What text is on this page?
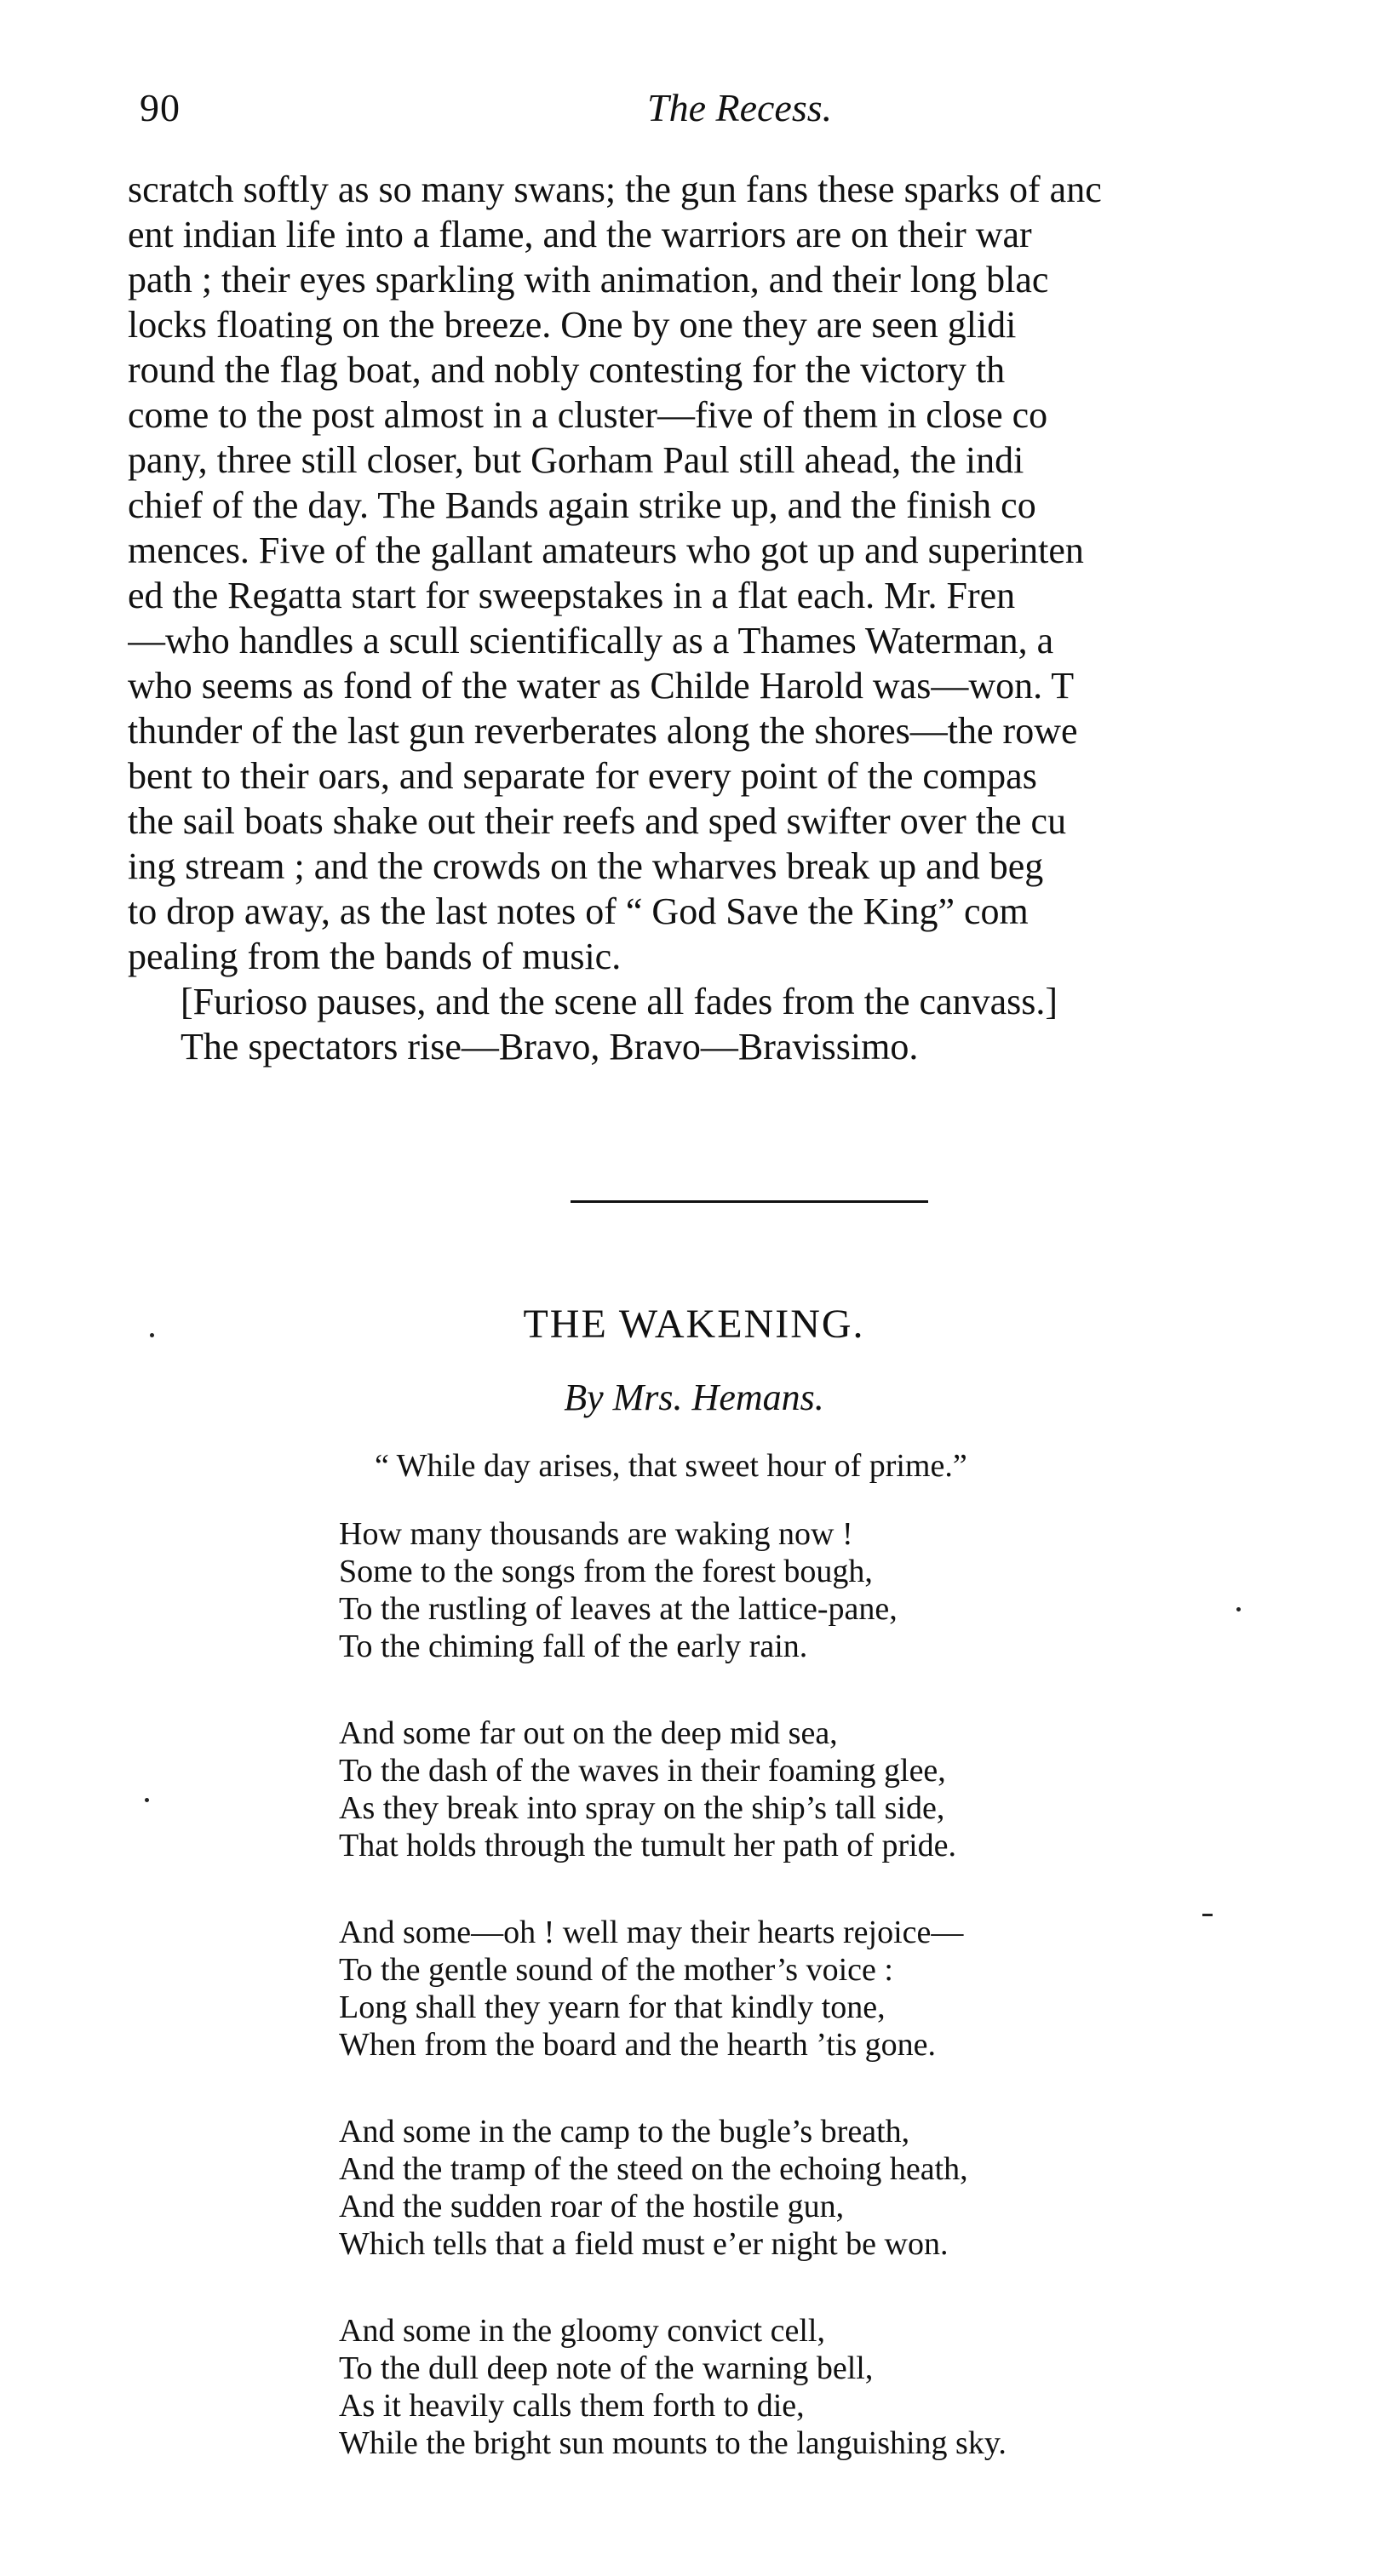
90	The Recess.
scratch softly as so many swans; the gun fans these sparks of anc
ent indian life into a flame, and the warriors are on their war
path ; their eyes sparkling with animation, and their long blac
locks floating on the breeze. One by one they are seen glidi
round the flag boat, and nobly contesting for the victory th
come to the post almost in a cluster—five of them in close co
pany, three still closer, but Gorham Paul still ahead, the indi
chief of the day. The Bands again strike up, and the finish co
mences. Five of the gallant amateurs who got up and superinten
ed the Regatta start for sweepstakes in a flat each. Mr. Fren
—who handles a scull scientifically as a Thames Waterman, a
who seems as fond of the water as Childe Harold was—won. T
thunder of the last gun reverberates along the shores—the rowe
bent to their oars, and separate for every point of the compas
the sail boats shake out their reefs and sped swifter over the cu
ing stream ; and the crowds on the wharves break up and beg
to drop away, as the last notes of “ God Save the King” com
pealing from the bands of music.
[Furioso pauses, and the scene all fades from the canvass.]
The spectators rise—Bravo, Bravo—Bravissimo.
THE WAKENING.
By Mrs. Hemans.
“ While day arises, that sweet hour of prime.”
How many thousands are waking now !
Some to the songs from the forest bough,
To the rustling of leaves at the lattice-pane,
To the chiming fall of the early rain.
And some far out on the deep mid sea,
To the dash of the waves in their foaming glee,
As they break into spray on the ship’s tall side,
That holds through the tumult her path of pride.
And some—oh ! well may their hearts rejoice—
To the gentle sound of the mother’s voice :
Long shall they yearn for that kindly tone,
When from the board and the hearth ’tis gone.
And some in the camp to the bugle’s breath,
And the tramp of the steed on the echoing heath,
And the sudden roar of the hostile gun,
Which tells that a field must e’er night be won.
And some in the gloomy convict cell,
To the dull deep note of the warning bell,
As it heavily calls them forth to die,
While the bright sun mounts to the languishing sky.
